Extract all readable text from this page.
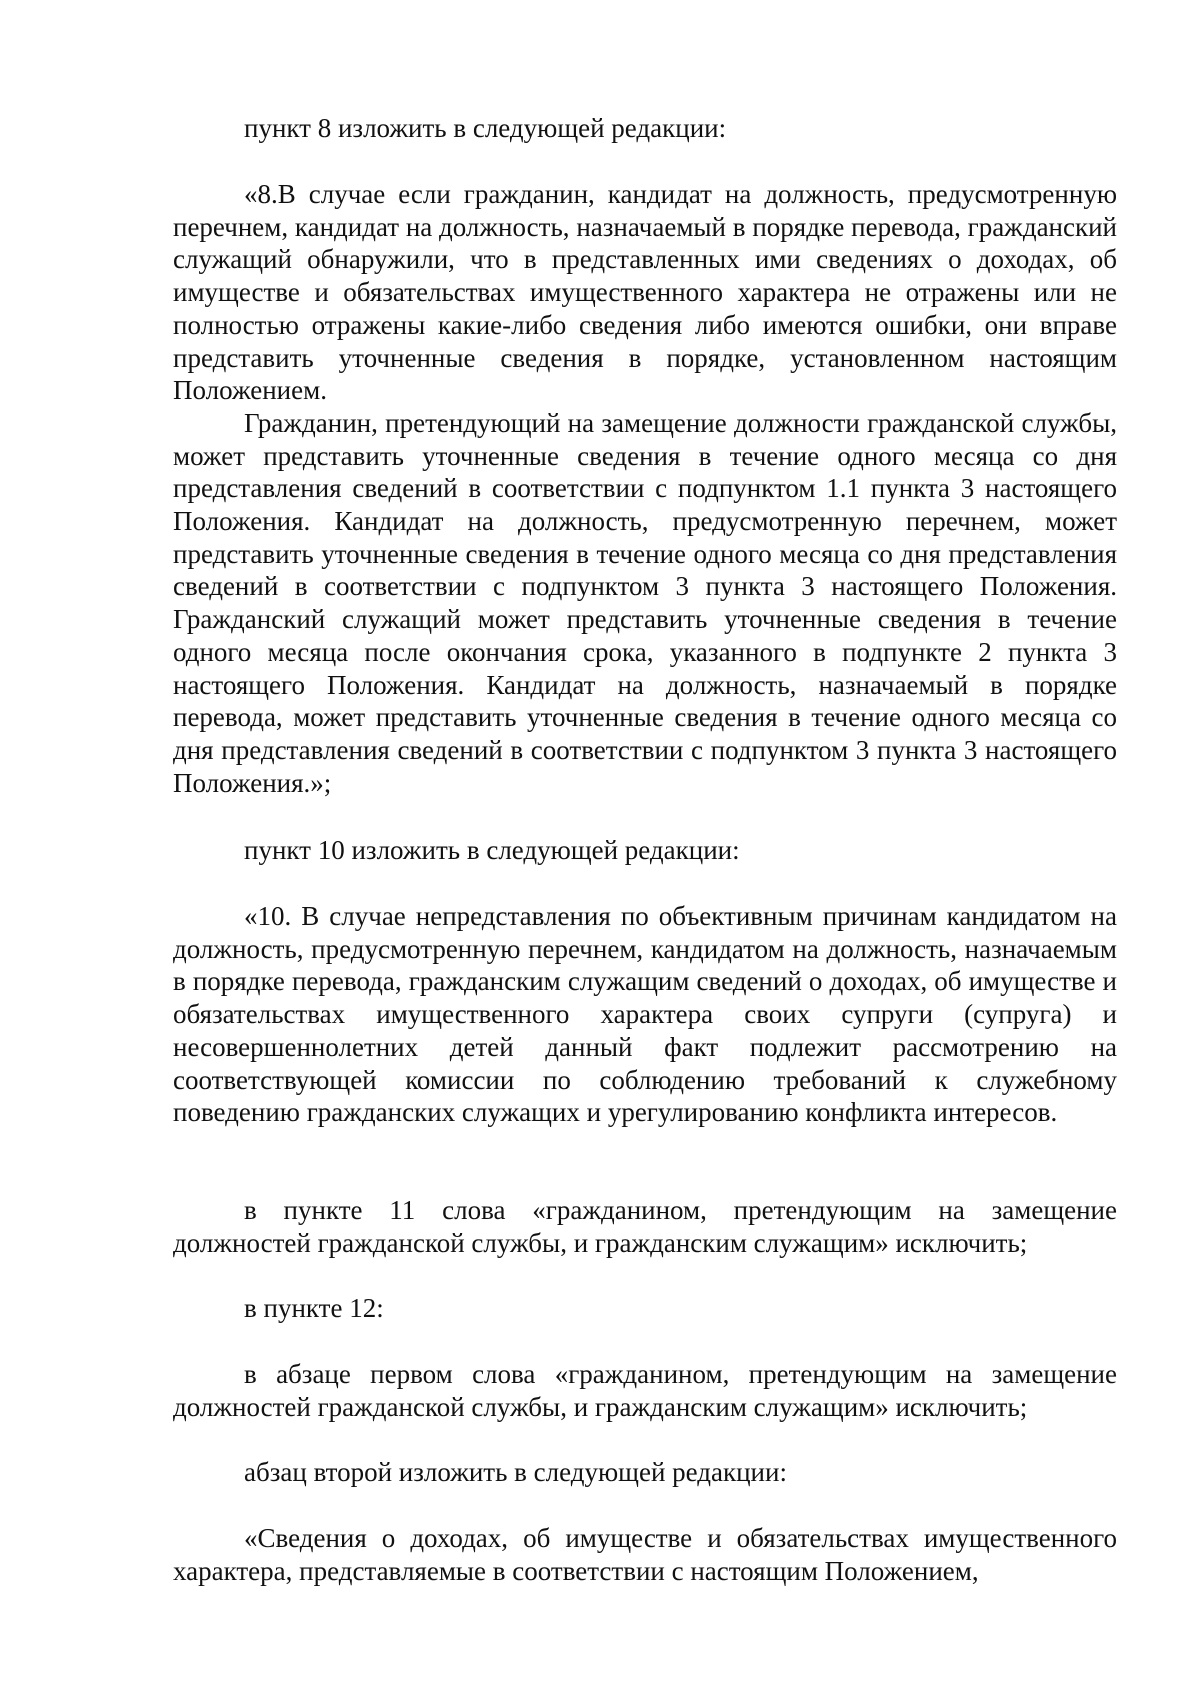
пункт 8 изложить в следующей редакции:

«8.В случае если гражданин, кандидат на должность, предусмотренную перечнем, кандидат на должность, назначаемый в порядке перевода, гражданский служащий обнаружили, что в представленных ими сведениях о доходах, об имуществе и обязательствах имущественного характера не отражены или не полностью отражены какие-либо сведения либо имеются ошибки, они вправе представить уточненные сведения в порядке, установленном настоящим Положением.

Гражданин, претендующий на замещение должности гражданской службы, может представить уточненные сведения в течение одного месяца со дня представления сведений в соответствии с подпунктом 1.1 пункта 3 настоящего Положения. Кандидат на должность, предусмотренную перечнем, может представить уточненные сведения в течение одного месяца со дня представления сведений в соответствии с подпунктом 3 пункта 3 настоящего Положения. Гражданский служащий может представить уточненные сведения в течение одного месяца после окончания срока, указанного в подпункте 2 пункта 3 настоящего Положения. Кандидат на должность, назначаемый в порядке перевода, может представить уточненные сведения в течение одного месяца со дня представления сведений в соответствии с подпунктом 3 пункта 3 настоящего Положения.»;

пункт 10 изложить в следующей редакции:

«10. В случае непредставления по объективным причинам кандидатом на должность, предусмотренную перечнем, кандидатом на должность, назначаемым в порядке перевода, гражданским служащим сведений о доходах, об имуществе и обязательствах имущественного характера своих супруги (супруга) и несовершеннолетних детей данный факт подлежит рассмотрению на соответствующей комиссии по соблюдению требований к служебному поведению гражданских служащих и урегулированию конфликта интересов.

в пункте 11 слова «гражданином, претендующим на замещение должностей гражданской службы, и гражданским служащим» исключить;

в пункте 12:

в абзаце первом слова «гражданином, претендующим на замещение должностей гражданской службы, и гражданским служащим» исключить;

абзац второй изложить в следующей редакции:

«Сведения о доходах, об имуществе и обязательствах имущественного характера, представляемые в соответствии с настоящим Положением,
